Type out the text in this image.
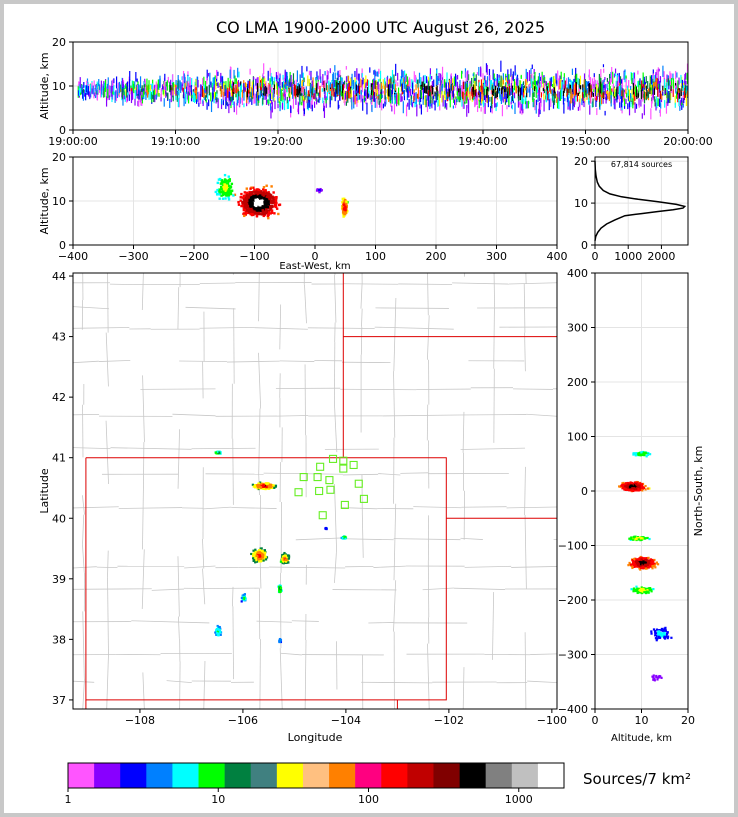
19:00:00	19:10:00	19:20:00	19:30:00	19:40:00	19:50:00	20:00:00
0
10
20
Altitude, km
CO LMA 1900-2000 UTC August 26, 2025
−400	−300	−200	−100	0	100	200	300	400
0
10
20
East-West, km
Altitude, km
0 1000 2000
0
10
20	67,814 sources
−108	−106	−104	−102	−100
37
38
39
40
41
42
43
44
Longitude
Latitude
0	10	20
−400
−300
−200
−100
0
100
200
300
400
Altitude, km
North-South, km
1	10	100	1000
Sources/7 km²
